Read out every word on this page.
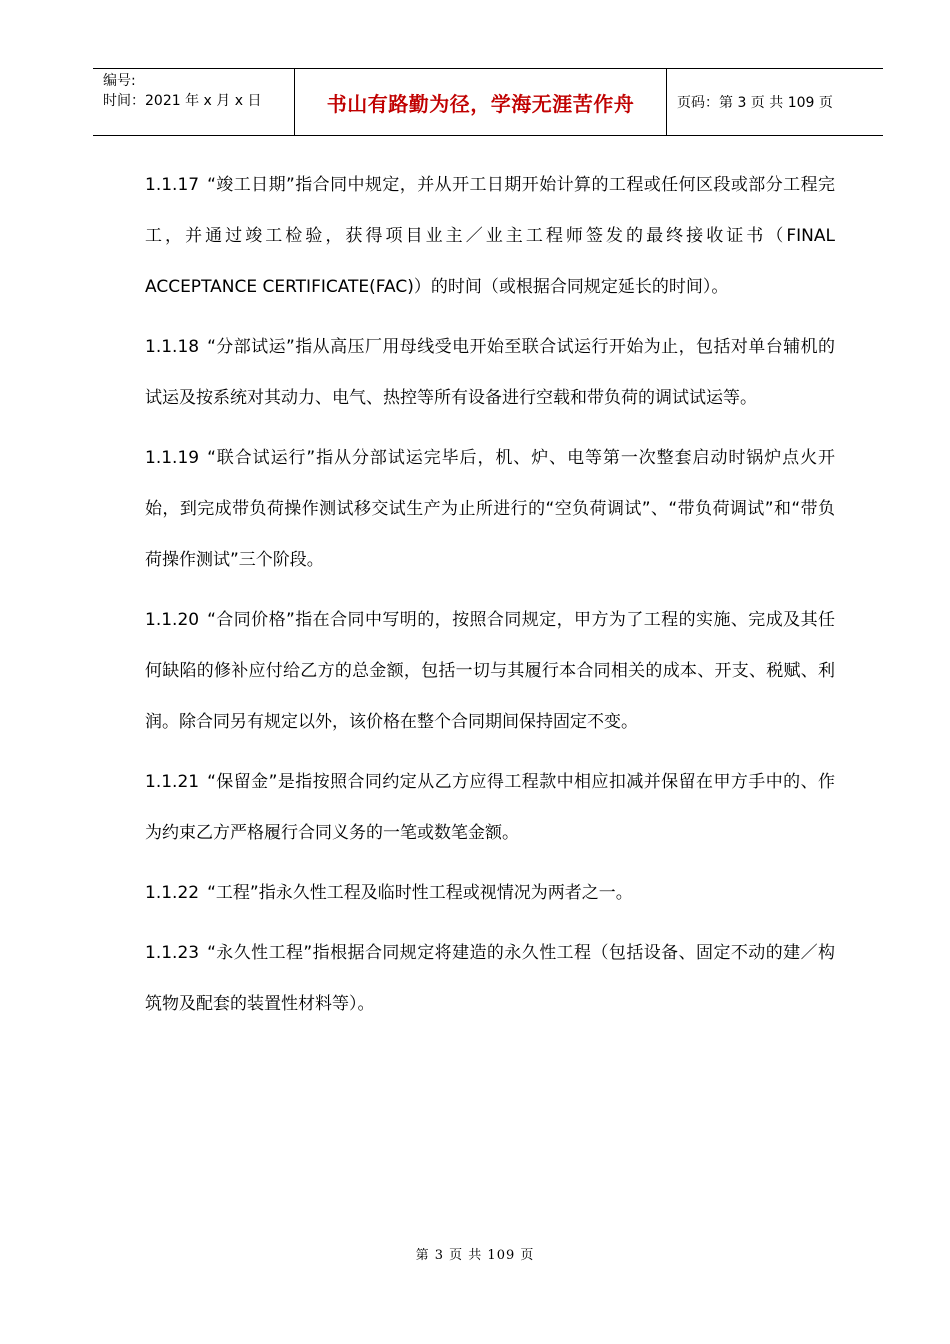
编号:
时间：2021 年 x 月 x 日	书山有路勤为径，学海无涯苦作舟	页码：第 3 页 共 109 页

1.1.17 “竣工日期”指合同中规定，并从开工日期开始计算的工程或任何区段或部分工程完工，并通过竣工检验，获得项目业主／业主工程师签发的最终接收证书（FINAL ACCEPTANCE CERTIFICATE(FAC)）的时间（或根据合同规定延长的时间）。

1.1.18 “分部试运”指从高压厂用母线受电开始至联合试运行开始为止，包括对单台辅机的试运及按系统对其动力、电气、热控等所有设备进行空载和带负荷的调试试运等。

1.1.19 “联合试运行”指从分部试运完毕后，机、炉、电等第一次整套启动时锅炉点火开始，到完成带负荷操作测试移交试生产为止所进行的“空负荷调试”、“带负荷调试”和“带负荷操作测试”三个阶段。

1.1.20 “合同价格”指在合同中写明的，按照合同规定，甲方为了工程的实施、完成及其任何缺陷的修补应付给乙方的总金额，包括一切与其履行本合同相关的成本、开支、税赋、利润。除合同另有规定以外，该价格在整个合同期间保持固定不变。

1.1.21 “保留金”是指按照合同约定从乙方应得工程款中相应扣减并保留在甲方手中的、作为约束乙方严格履行合同义务的一笔或数笔金额。

1.1.22 “工程”指永久性工程及临时性工程或视情况为两者之一。

1.1.23 “永久性工程”指根据合同规定将建造的永久性工程（包括设备、固定不动的建／构筑物及配套的装置性材料等）。

第 3 页 共 109 页
